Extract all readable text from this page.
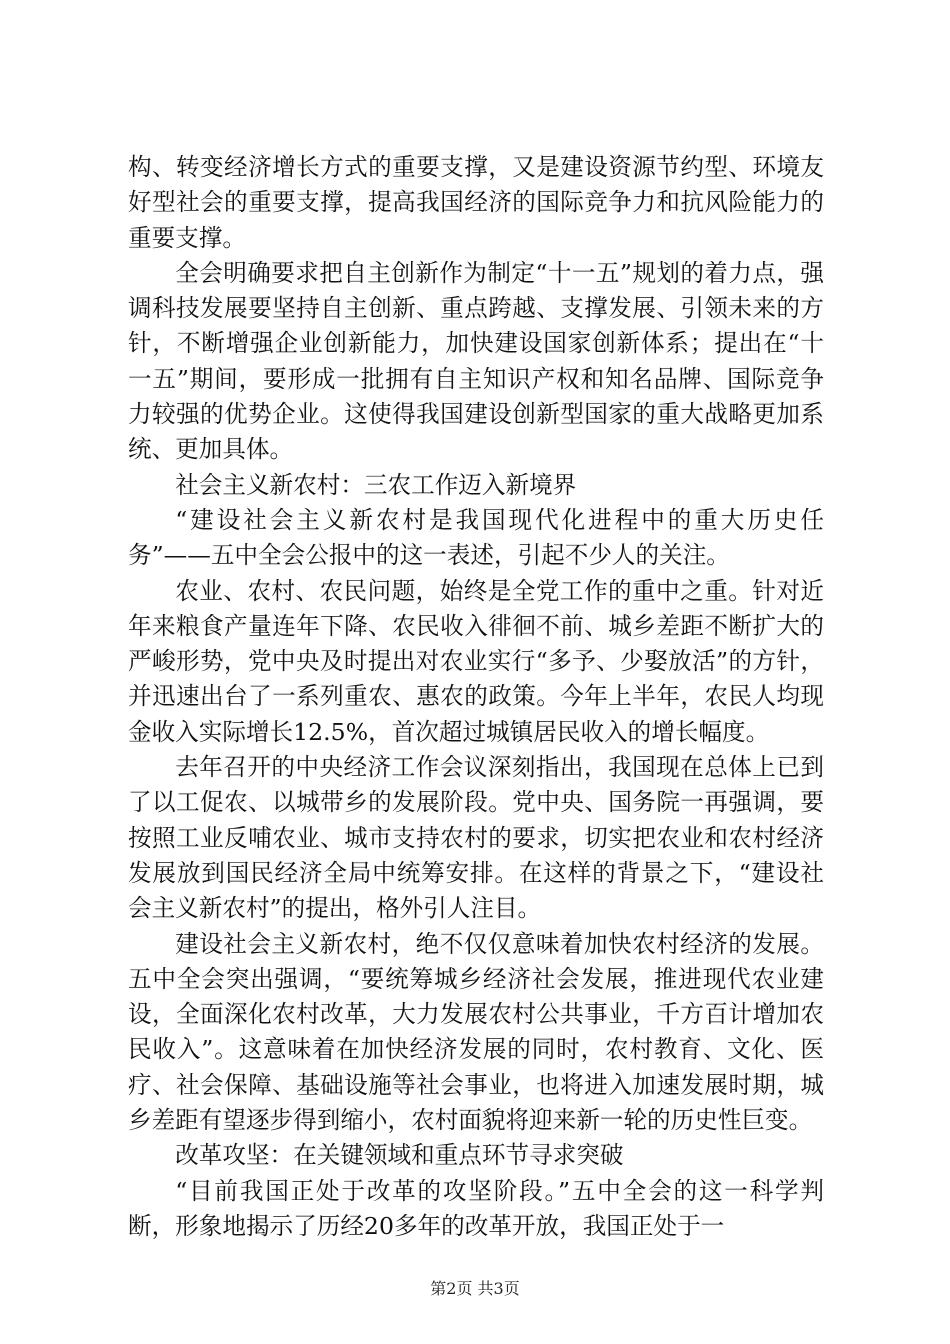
构、转变经济增长方式的重要支撑，又是建设资源节约型、环境友好型社会的重要支撑，提高我国经济的国际竞争力和抗风险能力的重要支撑。

全会明确要求把自主创新作为制定“十一五”规划的着力点，强调科技发展要坚持自主创新、重点跨越、支撑发展、引领未来的方针，不断增强企业创新能力，加快建设国家创新体系；提出在“十一五”期间，要形成一批拥有自主知识产权和知名品牌、国际竞争力较强的优势企业。这使得我国建设创新型国家的重大战略更加系统、更加具体。

社会主义新农村：三农工作迈入新境界

“建设社会主义新农村是我国现代化进程中的重大历史任务”——五中全会公报中的这一表述，引起不少人的关注。

农业、农村、农民问题，始终是全党工作的重中之重。针对近年来粮食产量连年下降、农民收入徘徊不前、城乡差距不断扩大的严峻形势，党中央及时提出对农业实行“多予、少娶放活”的方针，并迅速出台了一系列重农、惠农的政策。今年上半年，农民人均现金收入实际增长12.5%，首次超过城镇居民收入的增长幅度。

去年召开的中央经济工作会议深刻指出，我国现在总体上已到了以工促农、以城带乡的发展阶段。党中央、国务院一再强调，要按照工业反哺农业、城市支持农村的要求，切实把农业和农村经济发展放到国民经济全局中统筹安排。在这样的背景之下，“建设社会主义新农村”的提出，格外引人注目。

建设社会主义新农村，绝不仅仅意味着加快农村经济的发展。五中全会突出强调，“要统筹城乡经济社会发展，推进现代农业建设，全面深化农村改革，大力发展农村公共事业，千方百计增加农民收入”。这意味着在加快经济发展的同时，农村教育、文化、医疗、社会保障、基础设施等社会事业，也将进入加速发展时期，城乡差距有望逐步得到缩小，农村面貌将迎来新一轮的历史性巨变。

改革攻坚：在关键领域和重点环节寻求突破

“目前我国正处于改革的攻坚阶段。”五中全会的这一科学判断，形象地揭示了历经20多年的改革开放，我国正处于一

第2页 共3页
